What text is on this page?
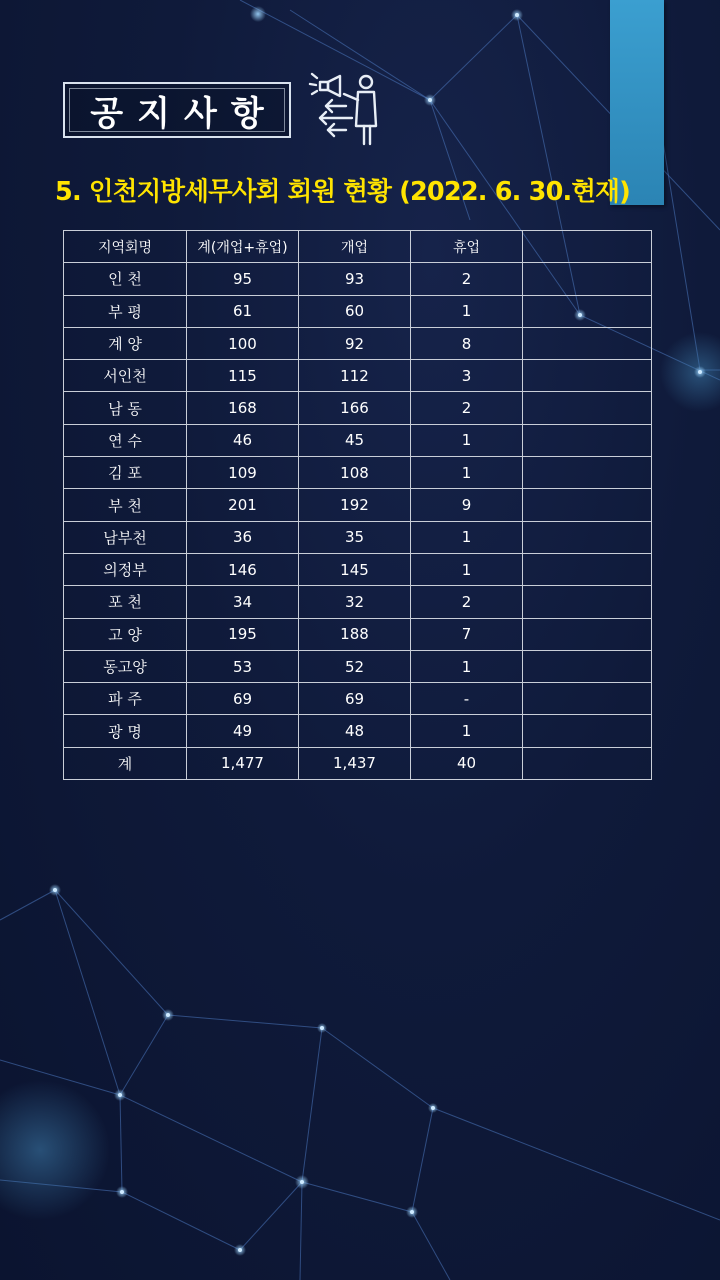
공지사항
5. 인천지방세무사회 회원 현황 (2022. 6. 30.현재)
지역회명	계(개업+휴업)	개업	휴업	
인 천	95	93	2	
부 평	61	60	1	
계 양	100	92	8	
서인천	115	112	3	
남 동	168	166	2	
연 수	46	45	1	
김 포	109	108	1	
부 천	201	192	9	
남부천	36	35	1	
의정부	146	145	1	
포 천	34	32	2	
고 양	195	188	7	
동고양	53	52	1	
파 주	69	69	-	
광 명	49	48	1	
계	1,477	1,437	40	
